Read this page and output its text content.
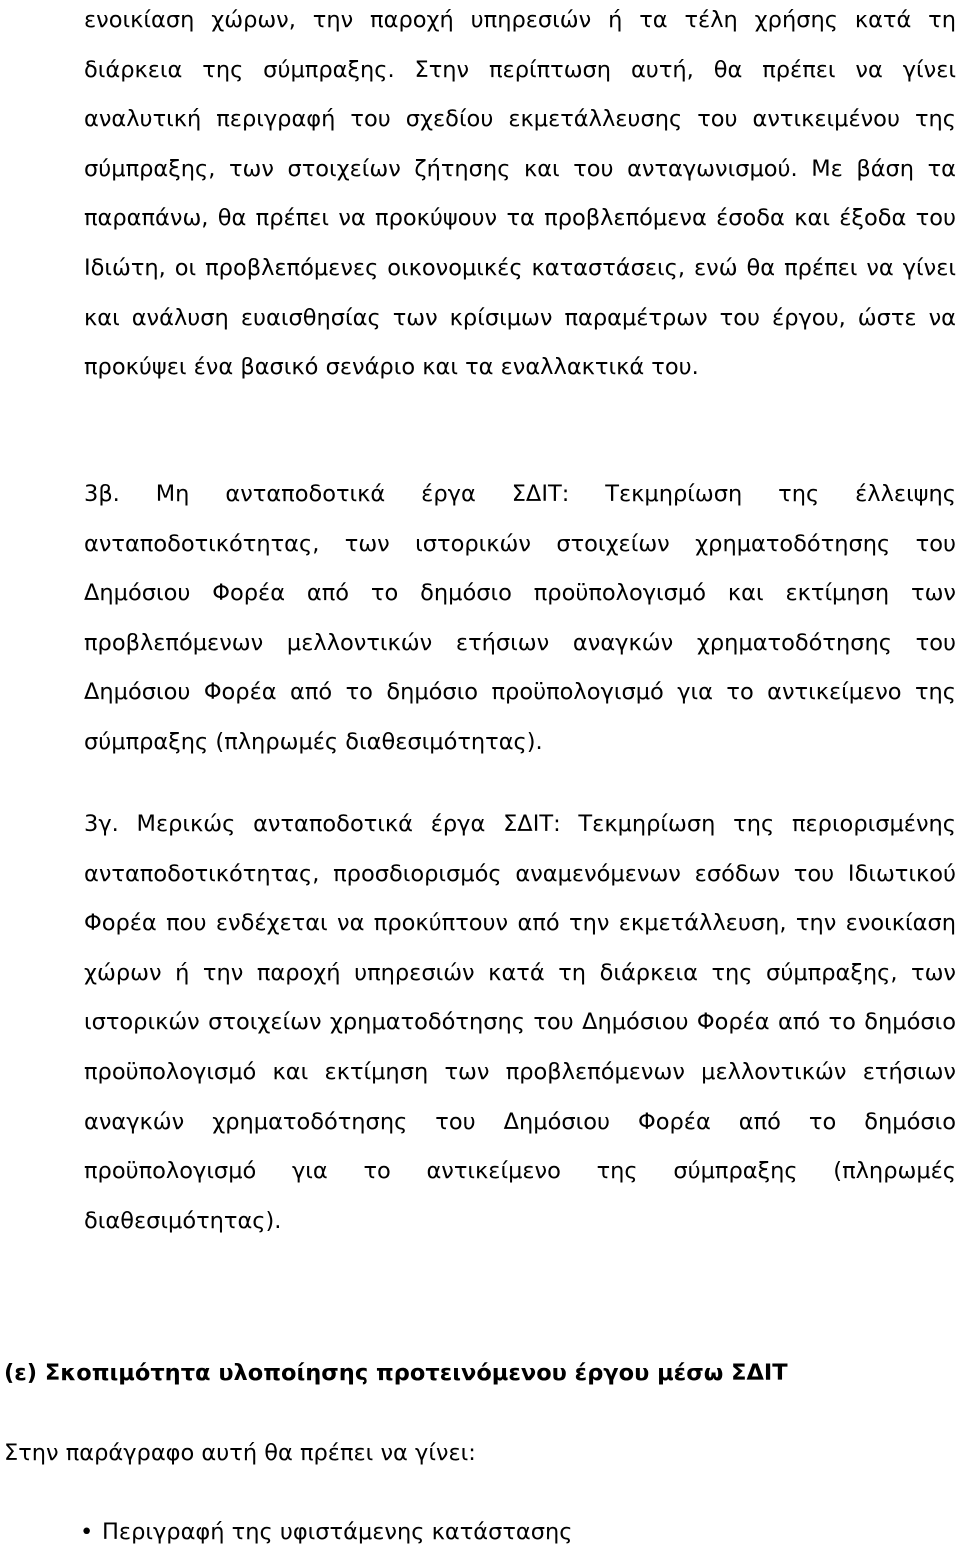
ενοικίαση χώρων, την παροχή υπηρεσιών ή τα τέλη χρήσης κατά τη διάρκεια της σύμπραξης. Στην περίπτωση αυτή, θα πρέπει να γίνει αναλυτική περιγραφή του σχεδίου εκμετάλλευσης του αντικειμένου της σύμπραξης, των στοιχείων ζήτησης και του ανταγωνισμού. Με βάση τα παραπάνω, θα πρέπει να προκύψουν τα προβλεπόμενα έσοδα και έξοδα του Ιδιώτη, οι προβλεπόμενες οικονομικές καταστάσεις, ενώ θα πρέπει να γίνει και ανάλυση ευαισθησίας των κρίσιμων παραμέτρων του έργου, ώστε να προκύψει ένα βασικό σενάριο και τα εναλλακτικά του.

3β. Μη ανταποδοτικά έργα ΣΔΙΤ: Τεκμηρίωση της έλλειψης ανταποδοτικότητας, των ιστορικών στοιχείων χρηματοδότησης του Δημόσιου Φορέα από το δημόσιο προϋπολογισμό και εκτίμηση των προβλεπόμενων μελλοντικών ετήσιων αναγκών χρηματοδότησης του Δημόσιου Φορέα από το δημόσιο προϋπολογισμό για το αντικείμενο της σύμπραξης (πληρωμές διαθεσιμότητας).

3γ. Μερικώς ανταποδοτικά έργα ΣΔΙΤ: Τεκμηρίωση της περιορισμένης ανταποδοτικότητας, προσδιορισμός αναμενόμενων εσόδων του Ιδιωτικού Φορέα που ενδέχεται να προκύπτουν από την εκμετάλλευση, την ενοικίαση χώρων ή την παροχή υπηρεσιών κατά τη διάρκεια της σύμπραξης, των ιστορικών στοιχείων χρηματοδότησης του Δημόσιου Φορέα από το δημόσιο προϋπολογισμό και εκτίμηση των προβλεπόμενων μελλοντικών ετήσιων αναγκών χρηματοδότησης του Δημόσιου Φορέα από το δημόσιο προϋπολογισμό για το αντικείμενο της σύμπραξης (πληρωμές διαθεσιμότητας).

(ε) Σκοπιμότητα υλοποίησης προτεινόμενου έργου μέσω ΣΔΙΤ

Στην παράγραφο αυτή θα πρέπει να γίνει:

• Περιγραφή της υφιστάμενης κατάστασης
